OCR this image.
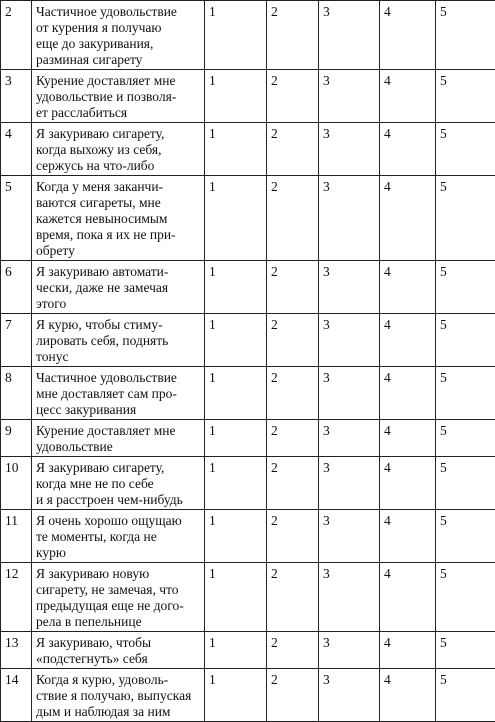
2	Частичное удовольствие
от курения я получаю
еще до закуривания,
разминая сигарету	1	2	3	4	5
3	Курение доставляет мне
удовольствие и позволя-
ет расслабиться	1	2	3	4	5
4	Я закуриваю сигарету,
когда выхожу из себя,
сержусь на что-либо	1	2	3	4	5
5	Когда у меня заканчи-
ваются сигареты, мне
кажется невыносимым
время, пока я их не при-
обрету	1	2	3	4	5
6	Я закуриваю автомати-
чески, даже не замечая
этого	1	2	3	4	5
7	Я курю, чтобы стиму-
лировать себя, поднять
тонус	1	2	3	4	5
8	Частичное удовольствие
мне доставляет сам про-
цесс закуривания	1	2	3	4	5
9	Курение доставляет мне
удовольствие	1	2	3	4	5
10	Я закуриваю сигарету,
когда мне не по себе
и я расстроен чем-нибудь	1	2	3	4	5
11	Я очень хорошо ощущаю
те моменты, когда не
курю	1	2	3	4	5
12	Я закуриваю новую
сигарету, не замечая, что
предыдущая еще не дого-
рела в пепельнице	1	2	3	4	5
13	Я закуриваю, чтобы
«подстегнуть» себя	1	2	3	4	5
14	Когда я курю, удоволь-
ствие я получаю, выпуская
дым и наблюдая за ним	1	2	3	4	5
